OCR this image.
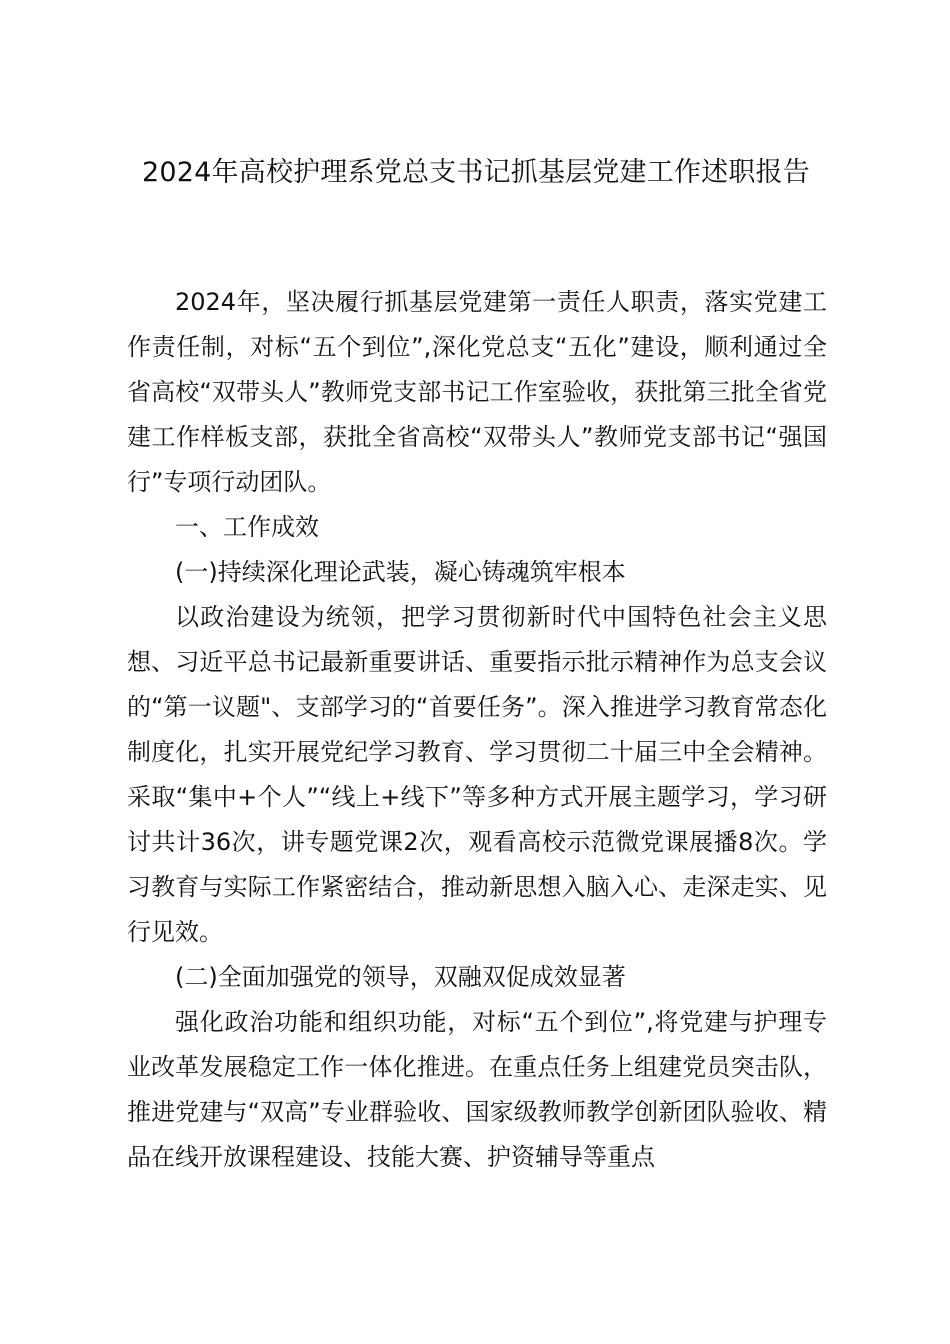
2024年高校护理系党总支书记抓基层党建工作述职报告

2024年，坚决履行抓基层党建第一责任人职责，落实党建工作责任制，对标“五个到位”,深化党总支“五化”建设，顺利通过全省高校“双带头人”教师党支部书记工作室验收，获批第三批全省党建工作样板支部，获批全省高校“双带头人”教师党支部书记“强国行”专项行动团队。

一、工作成效

(一)持续深化理论武装，凝心铸魂筑牢根本

以政治建设为统领，把学习贯彻新时代中国特色社会主义思想、习近平总书记最新重要讲话、重要指示批示精神作为总支会议的“第一议题"、支部学习的“首要任务”。深入推进学习教育常态化制度化，扎实开展党纪学习教育、学习贯彻二十届三中全会精神。采取“集中+个人”“线上+线下”等多种方式开展主题学习，学习研讨共计36次，讲专题党课2次，观看高校示范微党课展播8次。学习教育与实际工作紧密结合，推动新思想入脑入心、走深走实、见行见效。

(二)全面加强党的领导，双融双促成效显著

强化政治功能和组织功能，对标“五个到位”,将党建与护理专业改革发展稳定工作一体化推进。在重点任务上组建党员突击队，推进党建与“双高”专业群验收、国家级教师教学创新团队验收、精品在线开放课程建设、技能大赛、护资辅导等重点
